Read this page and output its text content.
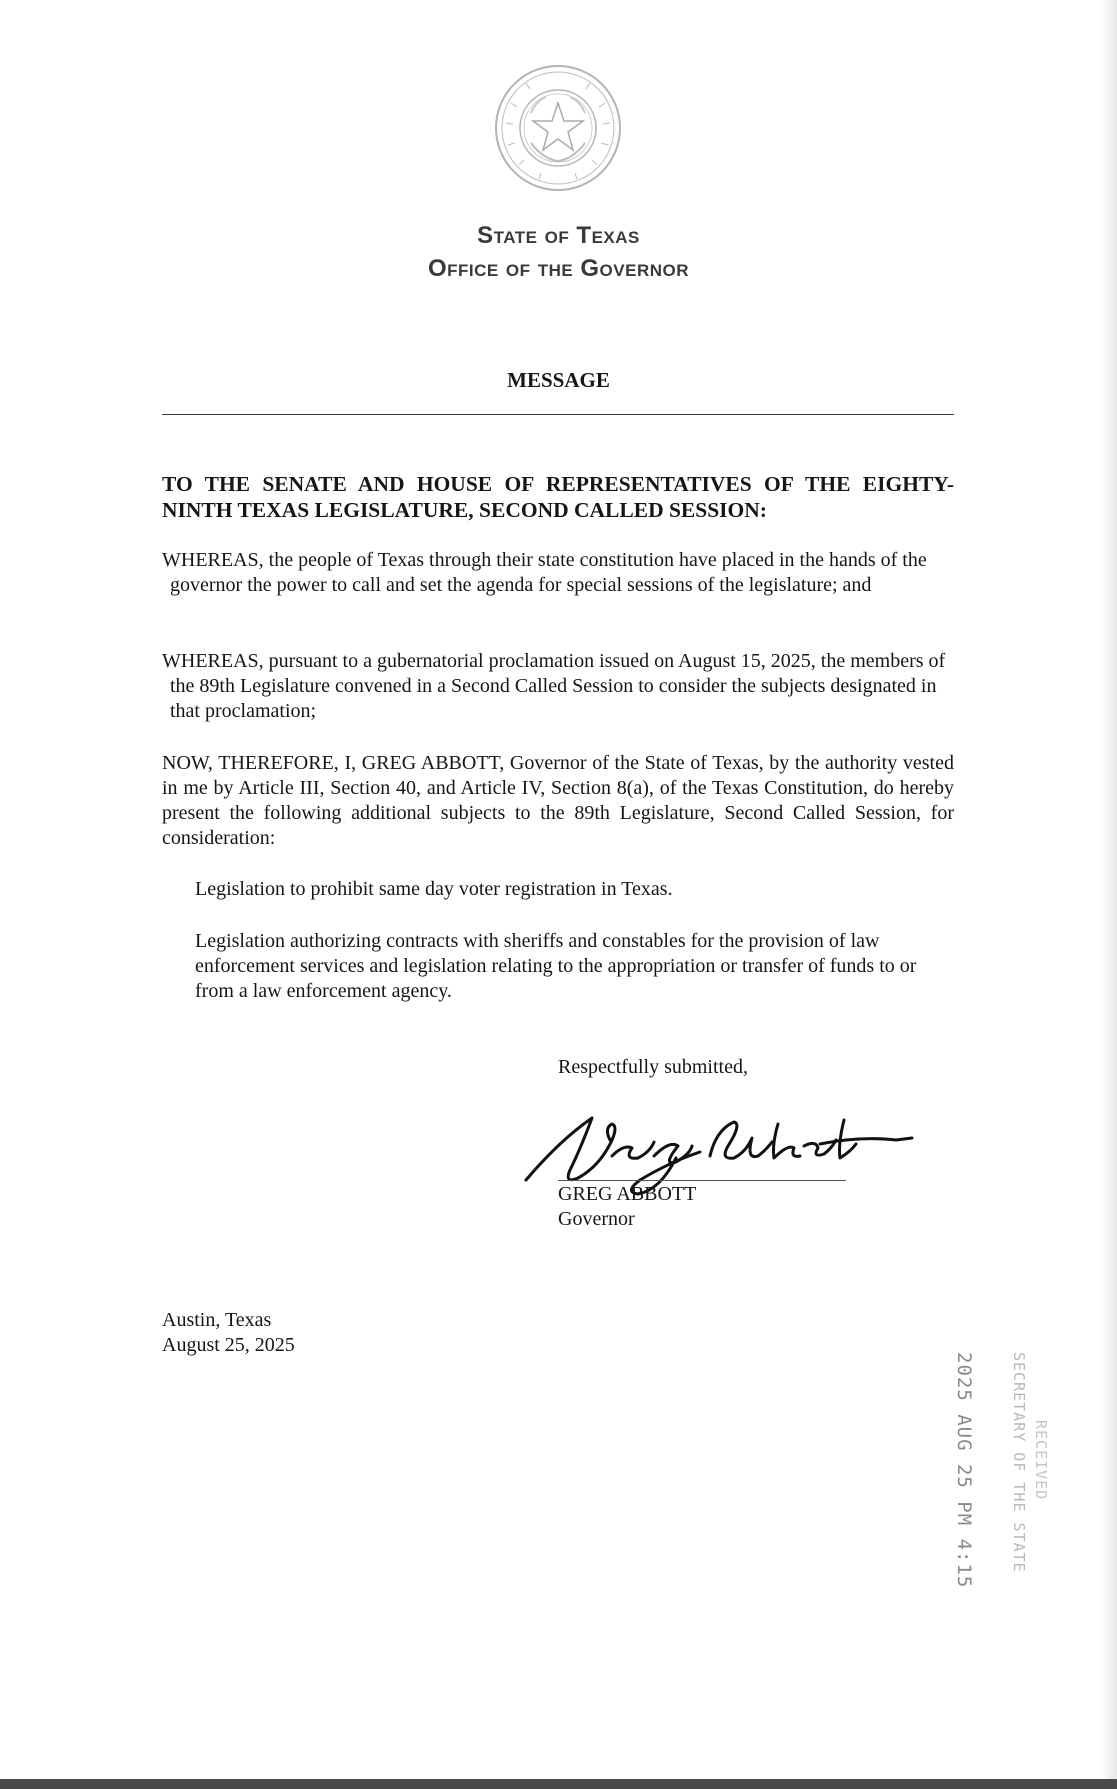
State of Texas
Office of the Governor
MESSAGE
TO THE SENATE AND HOUSE OF REPRESENTATIVES OF THE EIGHTY-NINTH TEXAS LEGISLATURE, SECOND CALLED SESSION:
WHEREAS, the people of Texas through their state constitution have placed in the hands of the governor the power to call and set the agenda for special sessions of the legislature; and
WHEREAS, pursuant to a gubernatorial proclamation issued on August 15, 2025, the members of the 89th Legislature convened in a Second Called Session to consider the subjects designated in that proclamation;
NOW, THEREFORE, I, GREG ABBOTT, Governor of the State of Texas, by the authority vested in me by Article III, Section 40, and Article IV, Section 8(a), of the Texas Constitution, do hereby present the following additional subjects to the 89th Legislature, Second Called Session, for consideration:
Legislation to prohibit same day voter registration in Texas.
Legislation authorizing contracts with sheriffs and constables for the provision of law enforcement services and legislation relating to the appropriation or transfer of funds to or from a law enforcement agency.
Respectfully submitted,
GREG ABBOTT
Governor
Austin, Texas
August 25, 2025
2025 AUG 25 PM 4:15 SECRETARY OF THE STATE RECEIVED
